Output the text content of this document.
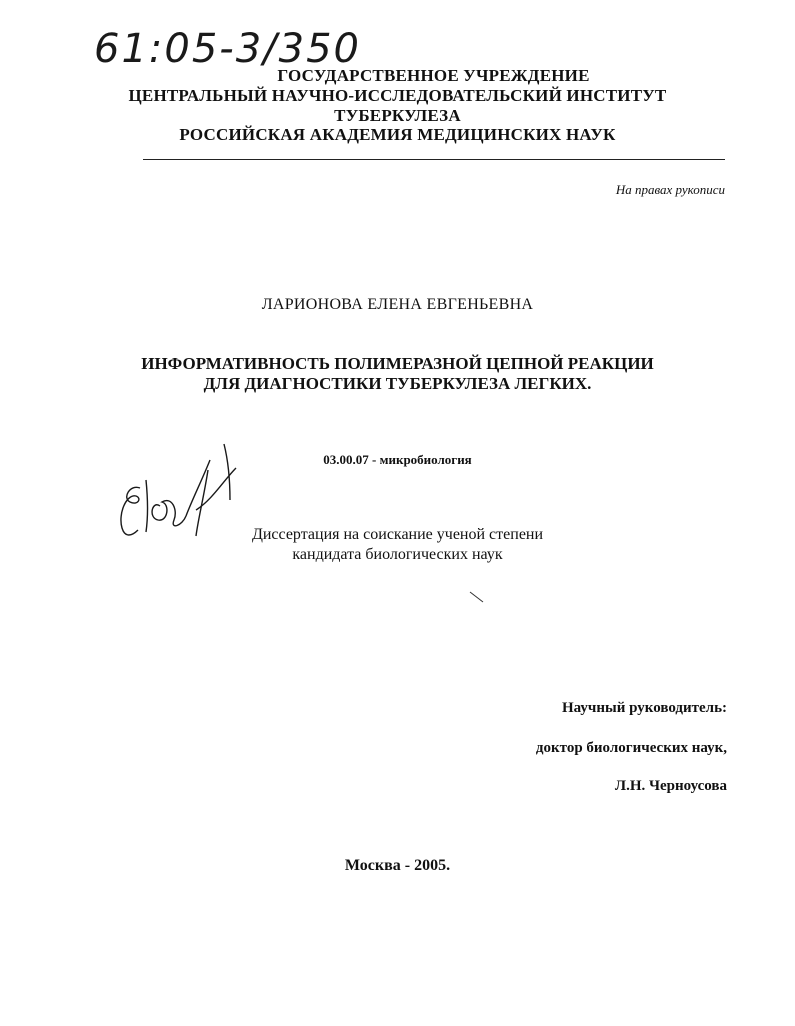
61:05-3/350
ГОСУДАРСТВЕННОЕ УЧРЕЖДЕНИЕ
ЦЕНТРАЛЬНЫЙ НАУЧНО-ИССЛЕДОВАТЕЛЬСКИЙ ИНСТИТУТ
ТУБЕРКУЛЕЗА
РОССИЙСКАЯ АКАДЕМИЯ МЕДИЦИНСКИХ НАУК
На правах рукописи
ЛАРИОНОВА ЕЛЕНА ЕВГЕНЬЕВНА
ИНФОРМАТИВНОСТЬ ПОЛИМЕРАЗНОЙ ЦЕПНОЙ РЕАКЦИИ
ДЛЯ ДИАГНОСТИКИ ТУБЕРКУЛЕЗА ЛЕГКИХ.
03.00.07 - микробиология
Диссертация на соискание ученой степени
кандидата биологических наук
Научный руководитель:
доктор биологических наук,
Л.Н. Черноусова
Москва - 2005.
